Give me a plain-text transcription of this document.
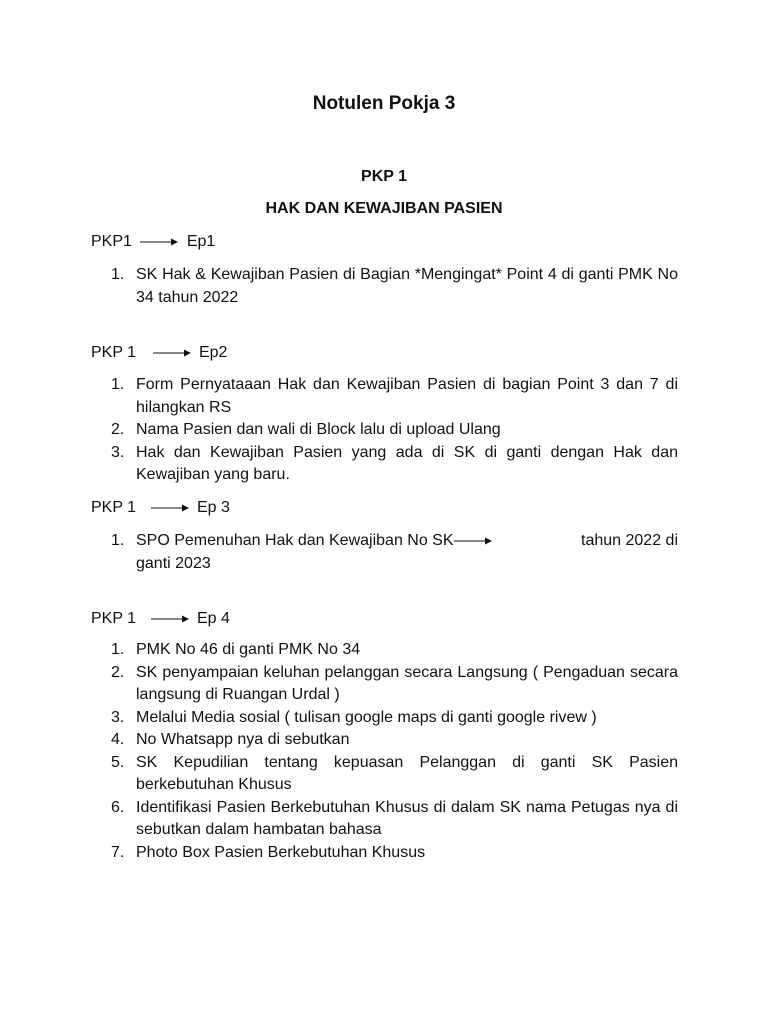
Notulen Pokja 3
PKP 1
HAK DAN KEWAJIBAN PASIEN
PKP1	Ep1
1. SK Hak & Kewajiban Pasien di Bagian *Mengingat* Point 4 di ganti PMK No 34 tahun 2022
PKP 1	Ep2
1. Form Pernyataaan Hak dan Kewajiban Pasien di bagian Point 3 dan 7 di hilangkan RS
2. Nama Pasien dan wali di Block lalu di upload Ulang
3. Hak dan Kewajiban Pasien yang ada di SK di ganti dengan Hak dan Kewajiban yang baru.
PKP 1	Ep 3
1. SPO Pemenuhan Hak dan Kewajiban No SK	tahun 2022 di
ganti 2023
PKP 1	Ep 4
1. PMK No 46 di ganti PMK No 34
2. SK penyampaian keluhan pelanggan secara Langsung ( Pengaduan secara langsung di Ruangan Urdal )
3. Melalui Media sosial ( tulisan google maps di ganti google rivew )
4. No Whatsapp nya di sebutkan
5. SK Kepudilian tentang kepuasan Pelanggan di ganti SK Pasien berkebutuhan Khusus
6. Identifikasi Pasien Berkebutuhan Khusus di dalam SK nama Petugas nya di sebutkan dalam hambatan bahasa
7. Photo Box Pasien Berkebutuhan Khusus
